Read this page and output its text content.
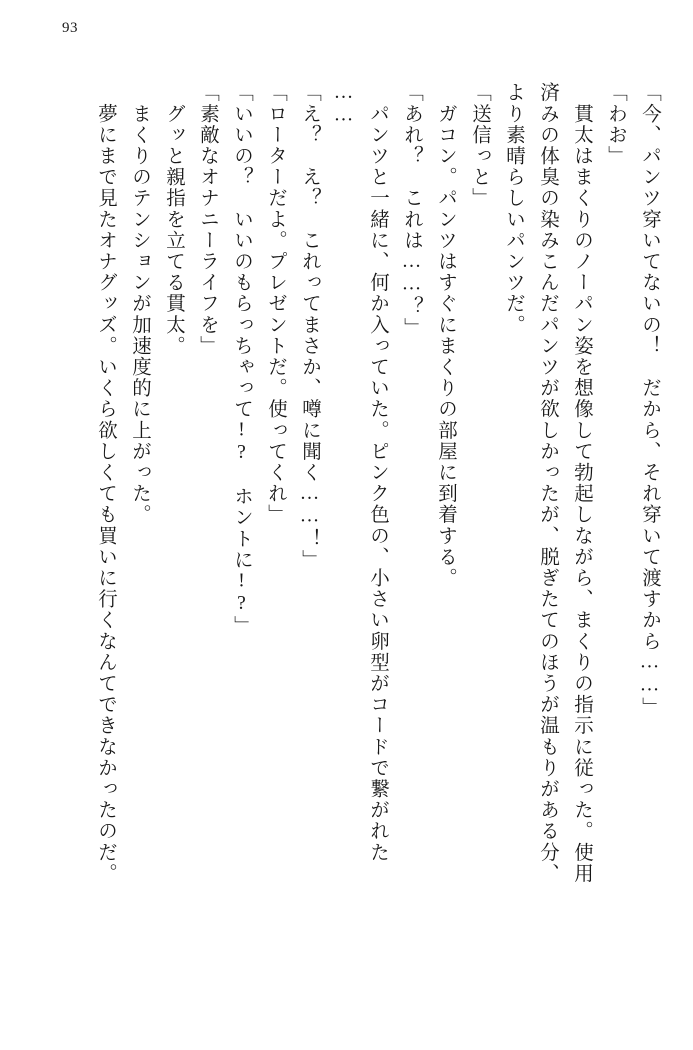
93
「今、パンツ穿いてないの！　だから、それ穿いて渡すから……」
「わお」
　貫太はまくりのノーパン姿を想像して勃起しながら、まくりの指示に従った。使用
済みの体臭の染みこんだパンツが欲しかったが、脱ぎたてのほうが温もりがある分、
より素晴らしいパンツだ。
「送信っと」
　ガコン。パンツはすぐにまくりの部屋に到着する。
「あれ？　これは……？」
　パンツと一緒に、何か入っていた。ピンク色の、小さい卵型がコードで繋がれた
……
「え？　え？　これってまさか、噂に聞く……！」
「ローターだよ。プレゼントだ。使ってくれ」
「いいの？　いいのもらっちゃって!?　ホントに!?」
「素敵なオナニーライフを」
　グッと親指を立てる貫太。
　まくりのテンションが加速度的に上がった。
　夢にまで見たオナグッズ。いくら欲しくても買いに行くなんてできなかったのだ。
